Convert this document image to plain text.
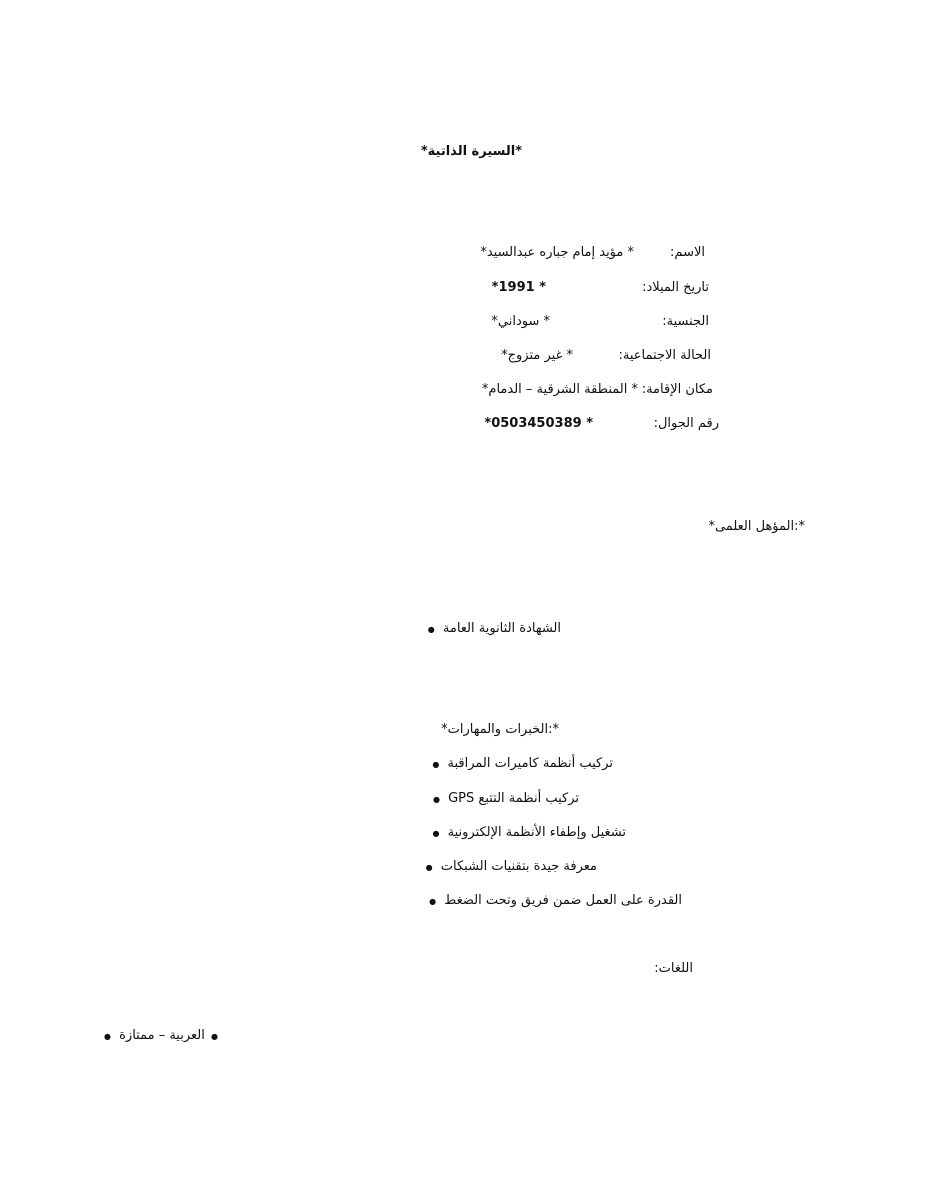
*السيرة الذاتية*
الاسم:
* مؤيد إمام جباره عبدالسيد*
تاريخ الميلاد:
* 1991*
الجنسية:
* سوداني*
الحالة الاجتماعية:
* غير متزوج*
مكان الإقامة:
* المنطقة الشرقية – الدمام*
رقم الجوال:
* 0503450389*
*:المؤهل العلمى*
الشهادة الثانوية العامة ●
*:الخبرات والمهارات*
تركيب أنظمة كاميرات المراقبة ●
تركيب أنظمة التتبع GPS ●
تشغيل وإطفاء الأنظمة الإلكترونية ●
معرفة جيدة بتقنيات الشبكات ●
القدرة على العمل ضمن فريق وتحت الضغط ●
اللغات:
● العربية – ممتازة ●
